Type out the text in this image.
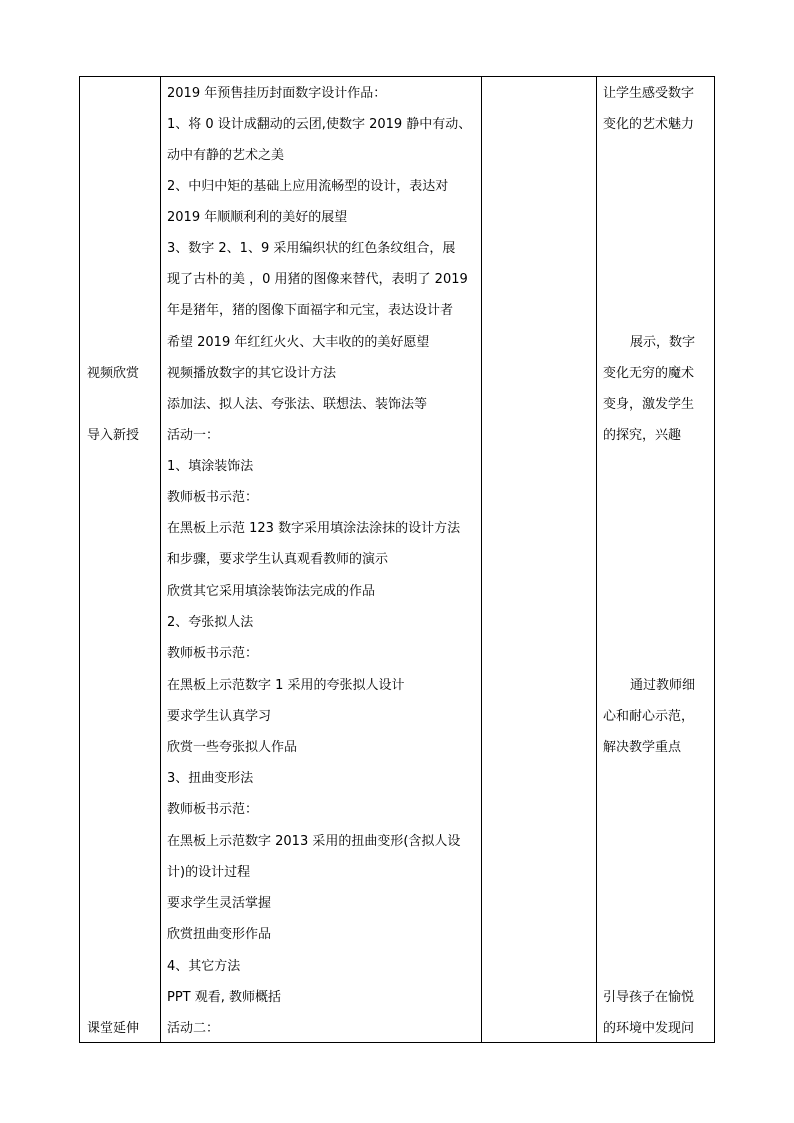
视频欣赏
导入新授
课堂延伸
2019 年预售挂历封面数字设计作品：
1、将 0 设计成翻动的云团,使数字 2019 静中有动、
动中有静的艺术之美
2、中归中矩的基础上应用流畅型的设计，表达对
2019 年顺顺利利的美好的展望
3、数字 2、1、9 采用编织状的红色条纹组合，展
现了古朴的美 ，0 用猪的图像来替代，表明了 2019
年是猪年，猪的图像下面福字和元宝，表达设计者
希望 2019 年红红火火、大丰收的的美好愿望
视频播放数字的其它设计方法
添加法、拟人法、夸张法、联想法、装饰法等
活动一：
1、填涂装饰法
教师板书示范：
在黑板上示范 123 数字采用填涂法涂抹的设计方法
和步骤，要求学生认真观看教师的演示
欣赏其它采用填涂装饰法完成的作品
2、夸张拟人法
教师板书示范：
在黑板上示范数字 1 采用的夸张拟人设计
要求学生认真学习
欣赏一些夸张拟人作品
3、扭曲变形法
教师板书示范：
在黑板上示范数字 2013 采用的扭曲变形(含拟人设
计)的设计过程
要求学生灵活掌握
欣赏扭曲变形作品
4、其它方法
PPT 观看, 教师概括
活动二：
让学生感受数字
变化的艺术魅力
展示，数字
变化无穷的魔术
变身，激发学生
的探究，兴趣
通过教师细
心和耐心示范，
解决教学重点
引导孩子在愉悦
的环境中发现问
